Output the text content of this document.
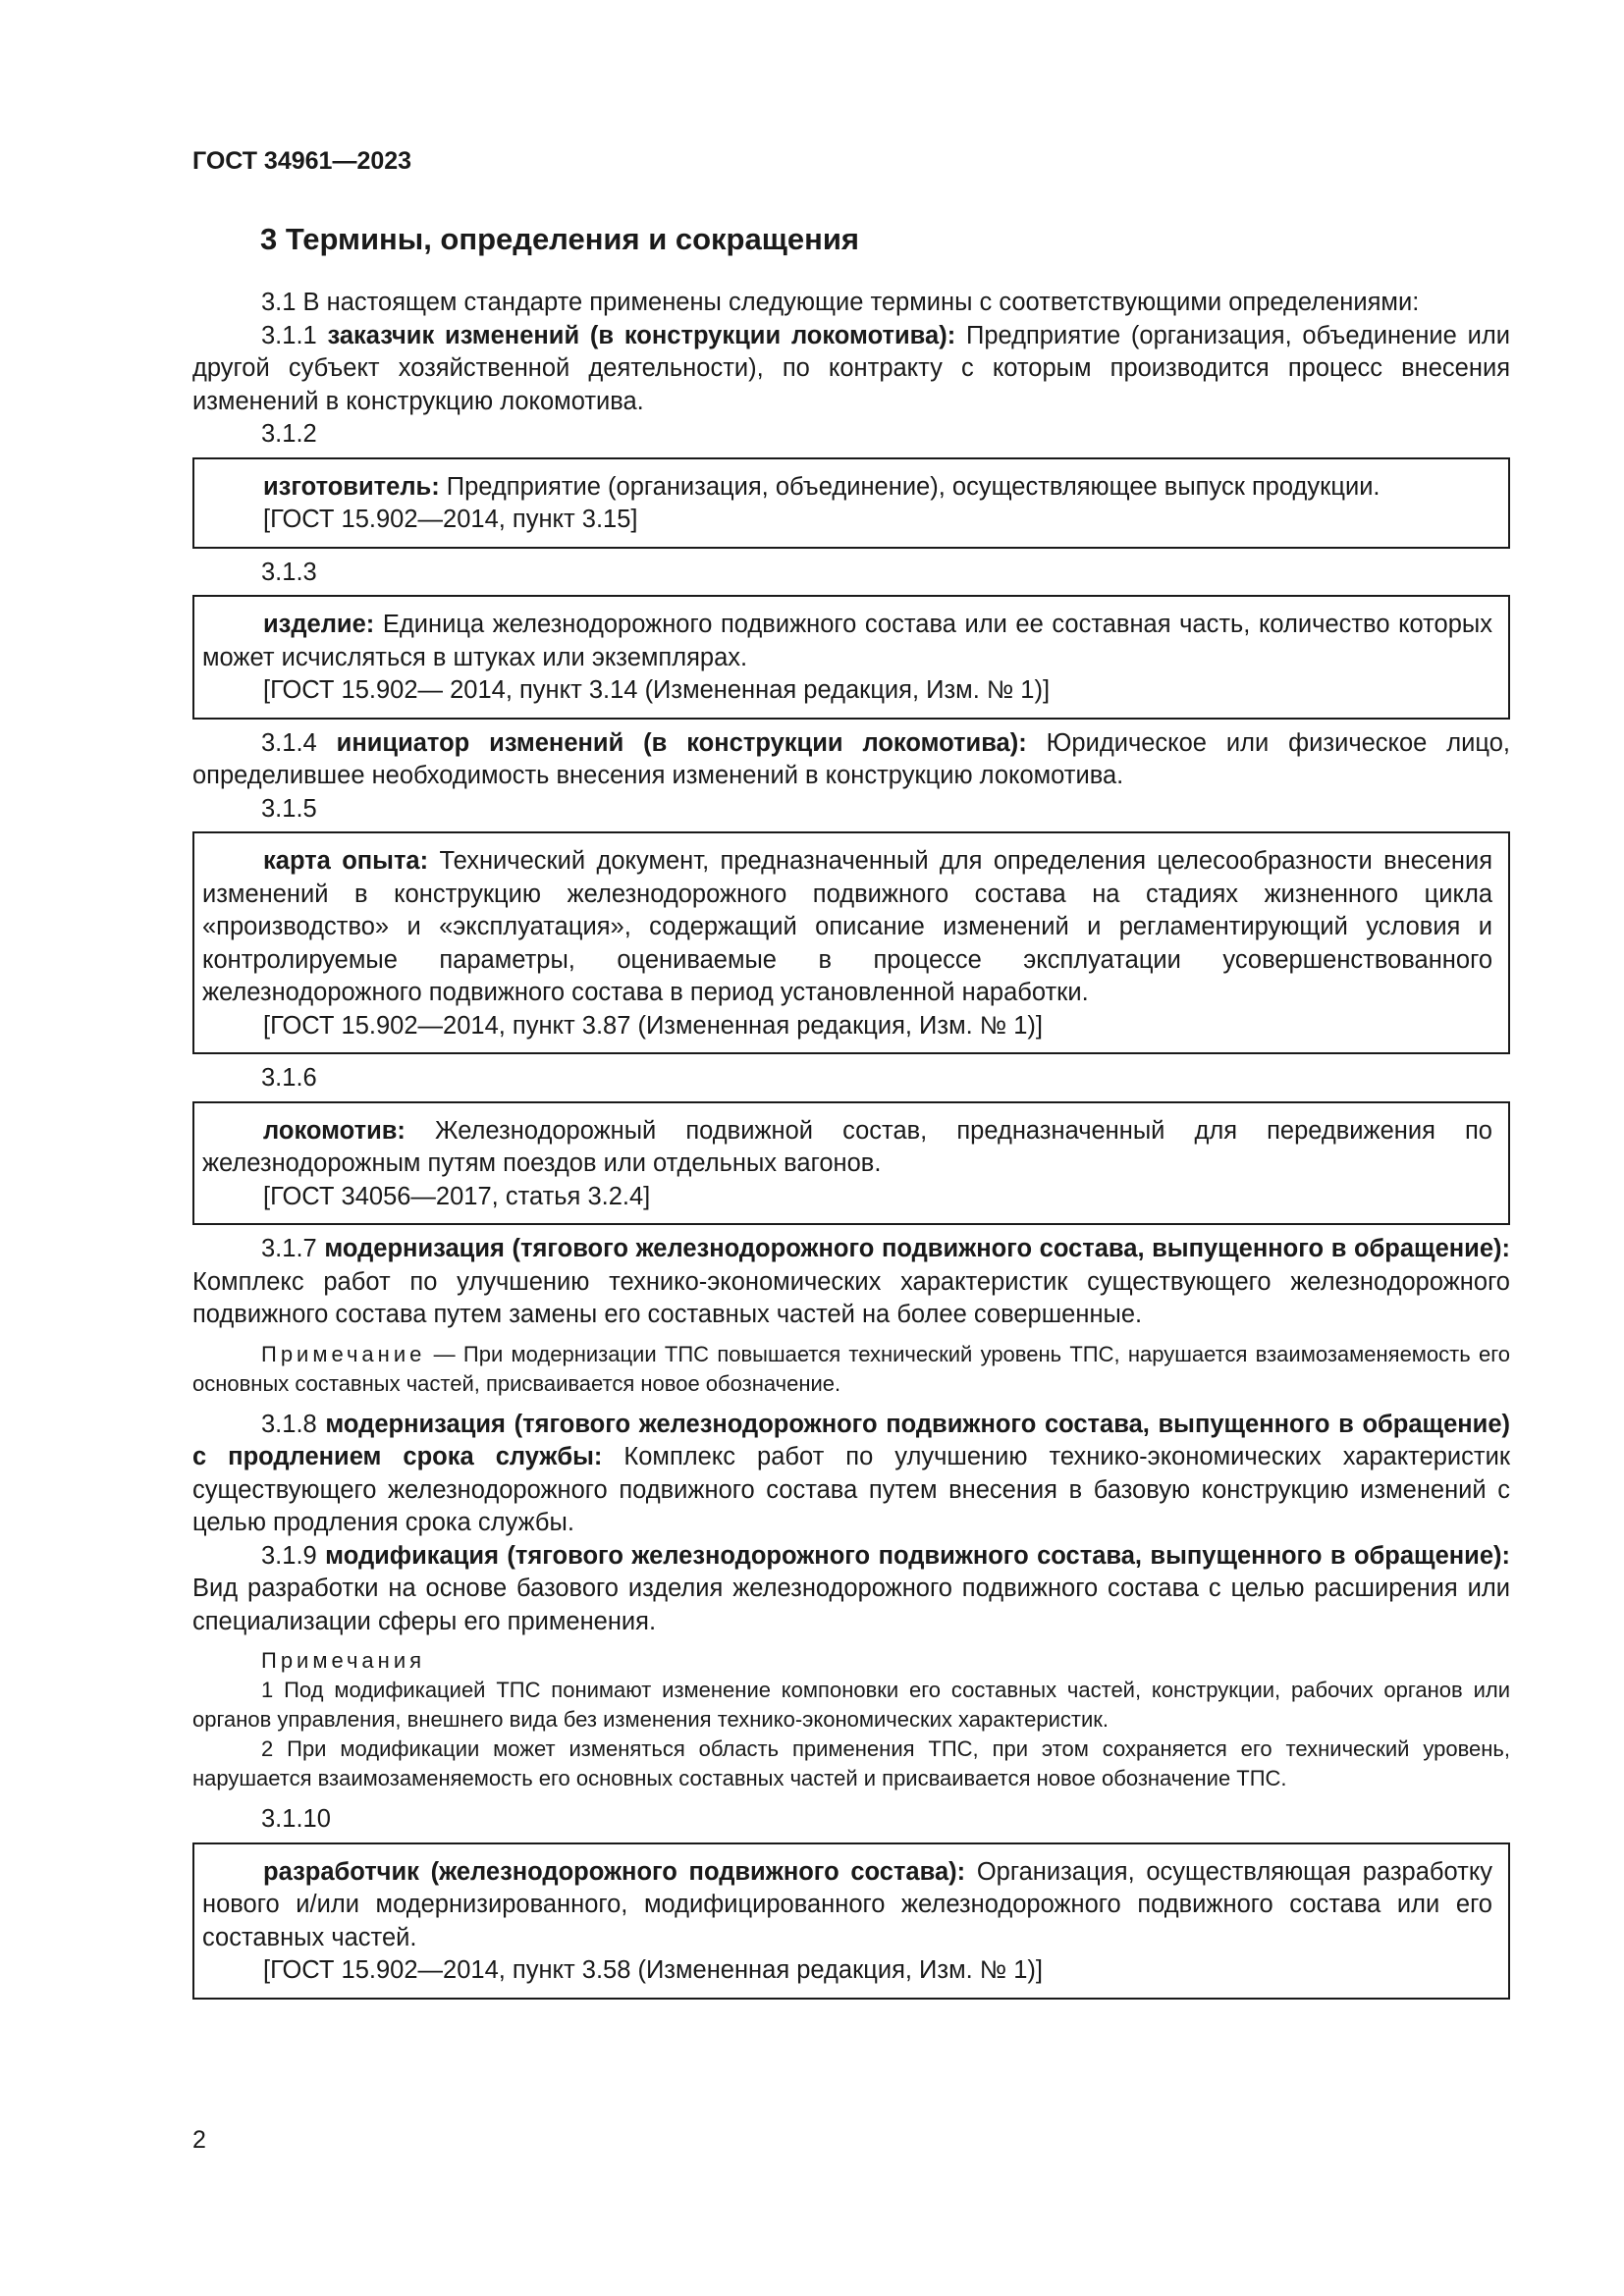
ГОСТ 34961—2023
3 Термины, определения и сокращения

3.1 В настоящем стандарте применены следующие термины с соответствующими определениями:

3.1.1 заказчик изменений (в конструкции локомотива): Предприятие (организация, объединение или другой субъект хозяйственной деятельности), по контракту с которым производится процесс внесения изменений в конструкцию локомотива.

3.1.2

изготовитель: Предприятие (организация, объединение), осуществляющее выпуск продукции.

[ГОСТ 15.902—2014, пункт 3.15]

3.1.3

изделие: Единица железнодорожного подвижного состава или ее составная часть, количество которых может исчисляться в штуках или экземплярах.

[ГОСТ 15.902— 2014, пункт 3.14 (Измененная редакция, Изм. № 1)]

3.1.4 инициатор изменений (в конструкции локомотива): Юридическое или физическое лицо, определившее необходимость внесения изменений в конструкцию локомотива.

3.1.5

карта опыта: Технический документ, предназначенный для определения целесообразности внесения изменений в конструкцию железнодорожного подвижного состава на стадиях жизненного цикла «производство» и «эксплуатация», содержащий описание изменений и регламентирующий условия и контролируемые параметры, оцениваемые в процессе эксплуатации усовершенствованного железнодорожного подвижного состава в период установленной наработки.

[ГОСТ 15.902—2014, пункт 3.87 (Измененная редакция, Изм. № 1)]

3.1.6

локомотив: Железнодорожный подвижной состав, предназначенный для передвижения по железнодорожным путям поездов или отдельных вагонов.

[ГОСТ 34056—2017, статья 3.2.4]

3.1.7 модернизация (тягового железнодорожного подвижного состава, выпущенного в обращение): Комплекс работ по улучшению технико-экономических характеристик существующего железнодорожного подвижного состава путем замены его составных частей на более совершенные.

Примечание — При модернизации ТПС повышается технический уровень ТПС, нарушается взаимозаменяемость его основных составных частей, присваивается новое обозначение.

3.1.8 модернизация (тягового железнодорожного подвижного состава, выпущенного в обращение) с продлением срока службы: Комплекс работ по улучшению технико-экономических характеристик существующего железнодорожного подвижного состава путем внесения в базовую конструкцию изменений с целью продления срока службы.

3.1.9 модификация (тягового железнодорожного подвижного состава, выпущенного в обращение): Вид разработки на основе базового изделия железнодорожного подвижного состава с целью расширения или специализации сферы его применения.

Примечания

1 Под модификацией ТПС понимают изменение компоновки его составных частей, конструкции, рабочих органов или органов управления, внешнего вида без изменения технико-экономических характеристик.

2 При модификации может изменяться область применения ТПС, при этом сохраняется его технический уровень, нарушается взаимозаменяемость его основных составных частей и присваивается новое обозначение ТПС.

3.1.10

разработчик (железнодорожного подвижного состава): Организация, осуществляющая разработку нового и/или модернизированного, модифицированного железнодорожного подвижного состава или его составных частей.

[ГОСТ 15.902—2014, пункт 3.58 (Измененная редакция, Изм. № 1)]

2
